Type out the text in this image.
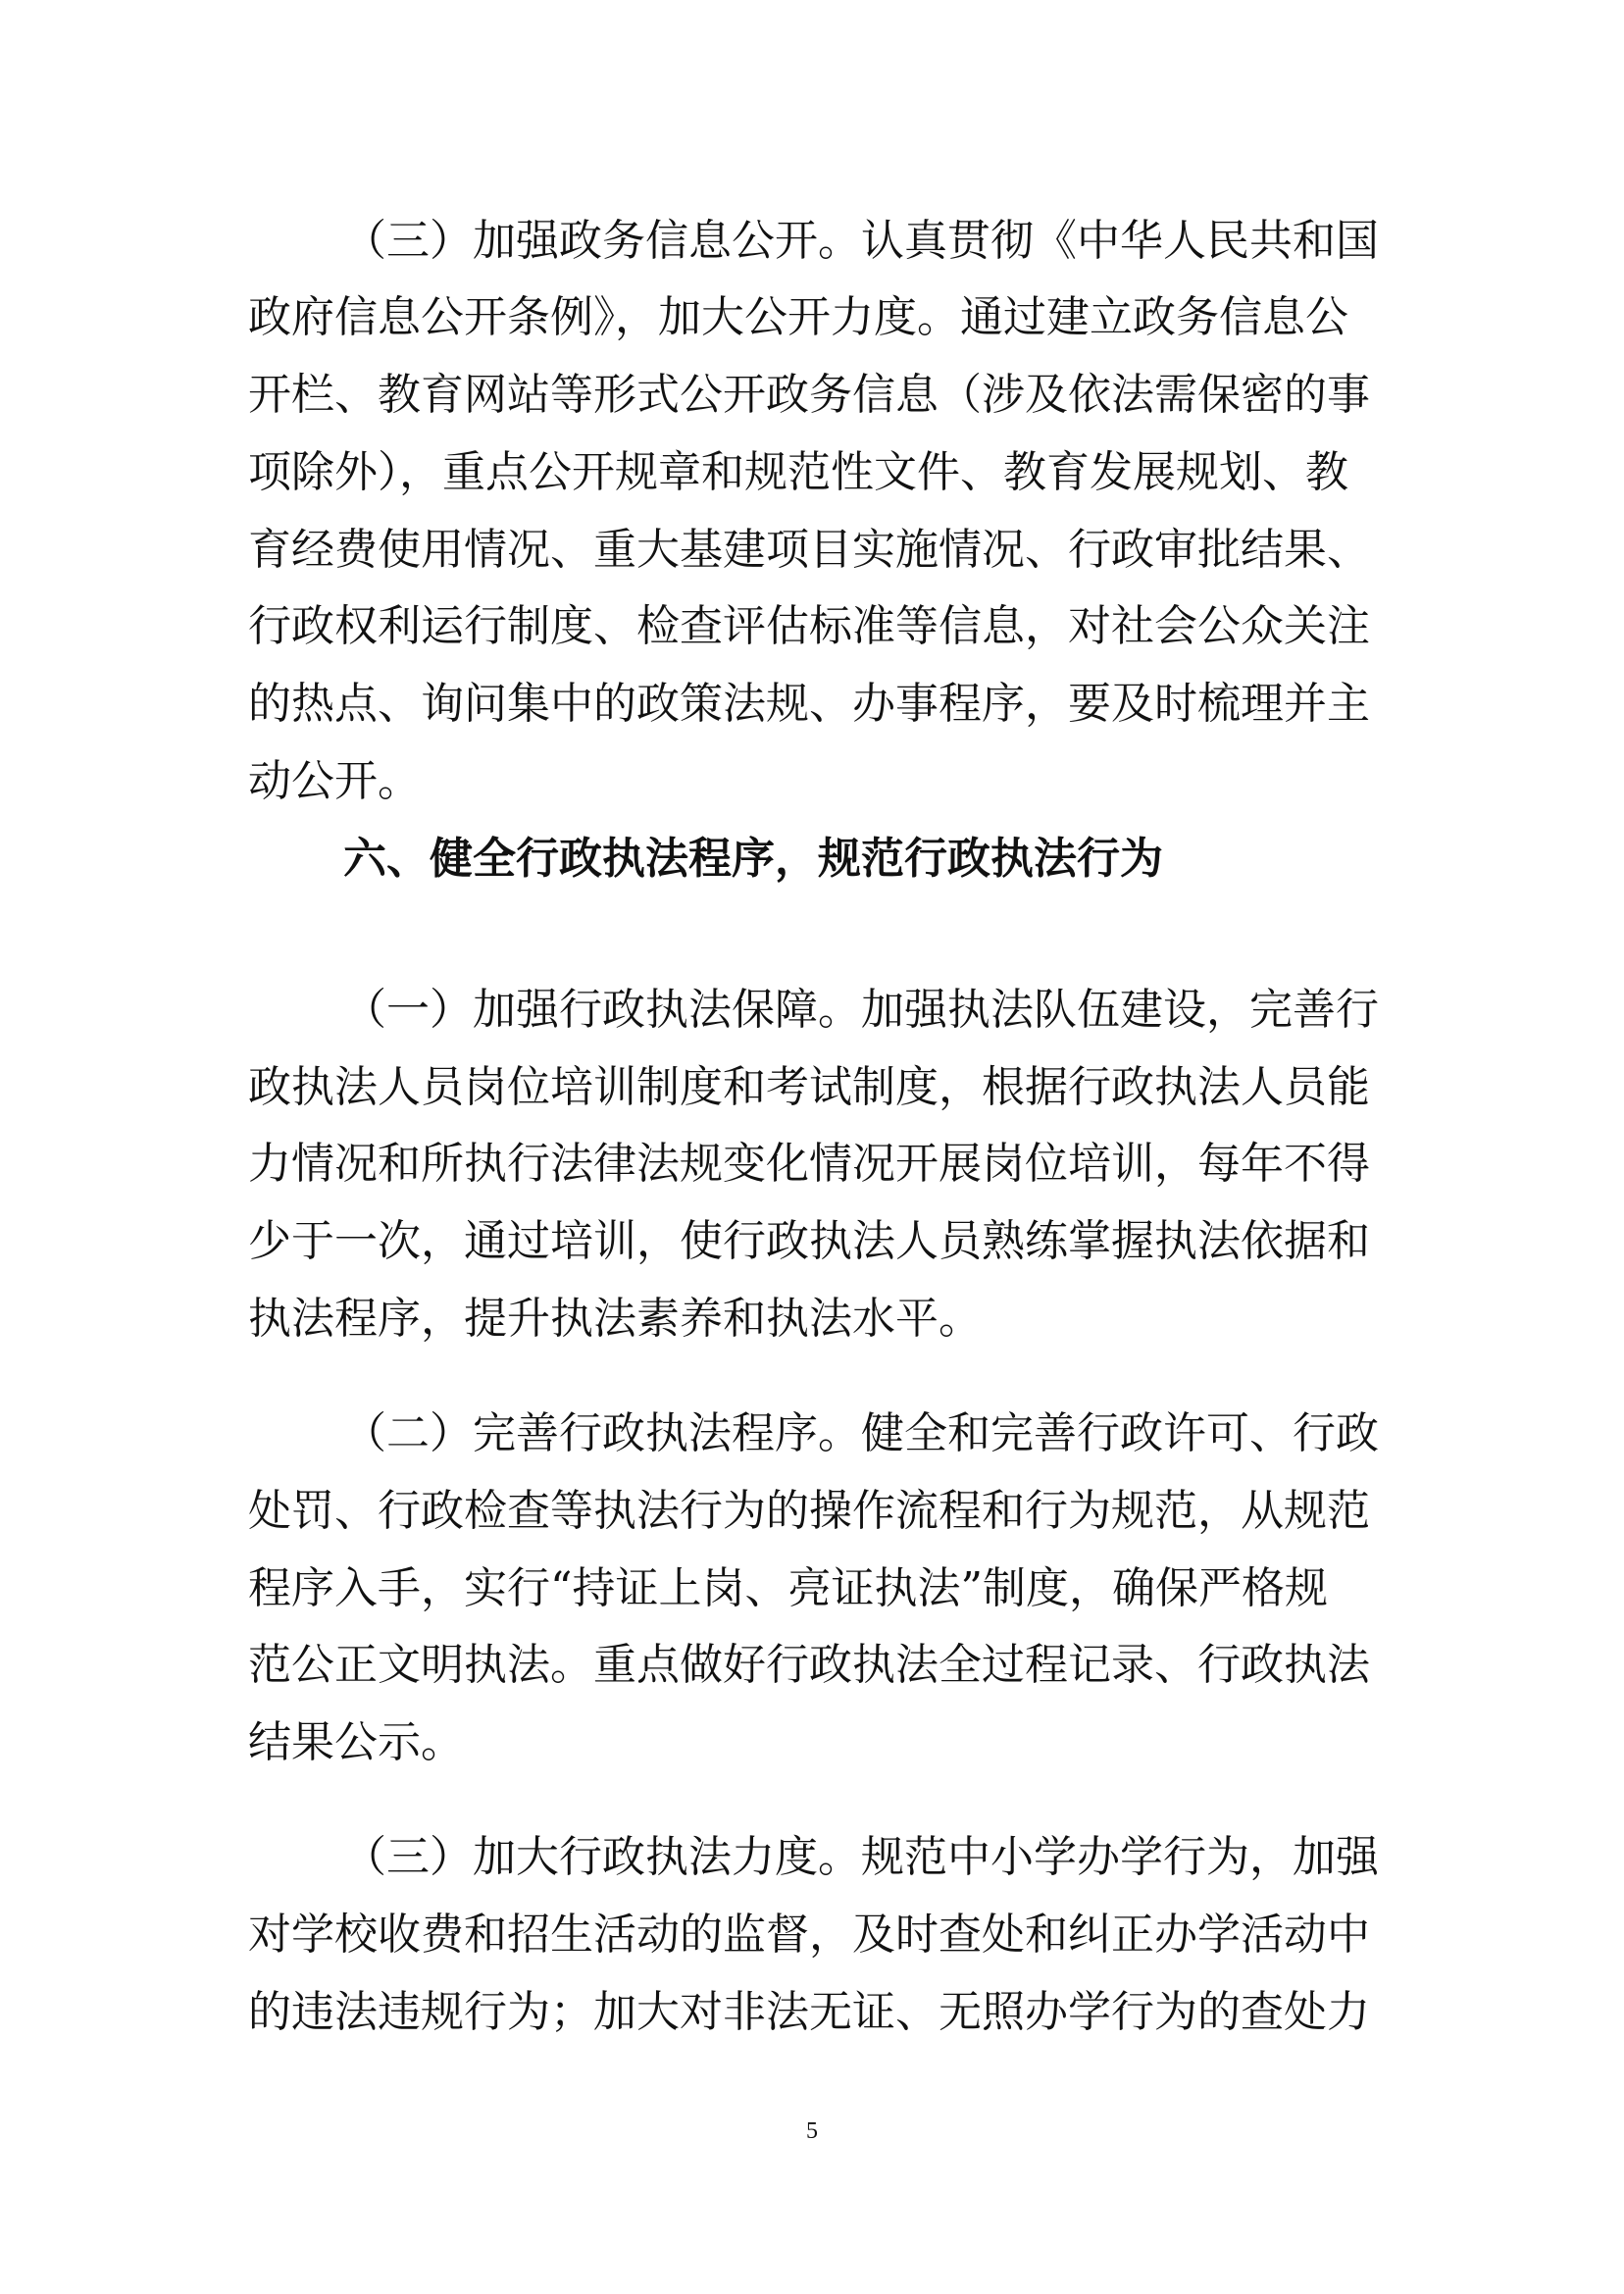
（三）加强政务信息公开。认真贯彻《中华人民共和国

政府信息公开条例》，加大公开力度。通过建立政务信息公

开栏、教育网站等形式公开政务信息（涉及依法需保密的事

项除外），重点公开规章和规范性文件、教育发展规划、教

育经费使用情况、重大基建项目实施情况、行政审批结果、

行政权利运行制度、检查评估标准等信息，对社会公众关注

的热点、询问集中的政策法规、办事程序，要及时梳理并主

动公开。

六、健全行政执法程序，规范行政执法行为

（一）加强行政执法保障。加强执法队伍建设，完善行

政执法人员岗位培训制度和考试制度，根据行政执法人员能

力情况和所执行法律法规变化情况开展岗位培训，每年不得

少于一次，通过培训，使行政执法人员熟练掌握执法依据和

执法程序，提升执法素养和执法水平。

（二）完善行政执法程序。健全和完善行政许可、行政

处罚、行政检查等执法行为的操作流程和行为规范，从规范

程序入手，实行“持证上岗、亮证执法”制度，确保严格规

范公正文明执法。重点做好行政执法全过程记录、行政执法

结果公示。

（三）加大行政执法力度。规范中小学办学行为，加强

对学校收费和招生活动的监督，及时查处和纠正办学活动中

的违法违规行为；加大对非法无证、无照办学行为的查处力

5
